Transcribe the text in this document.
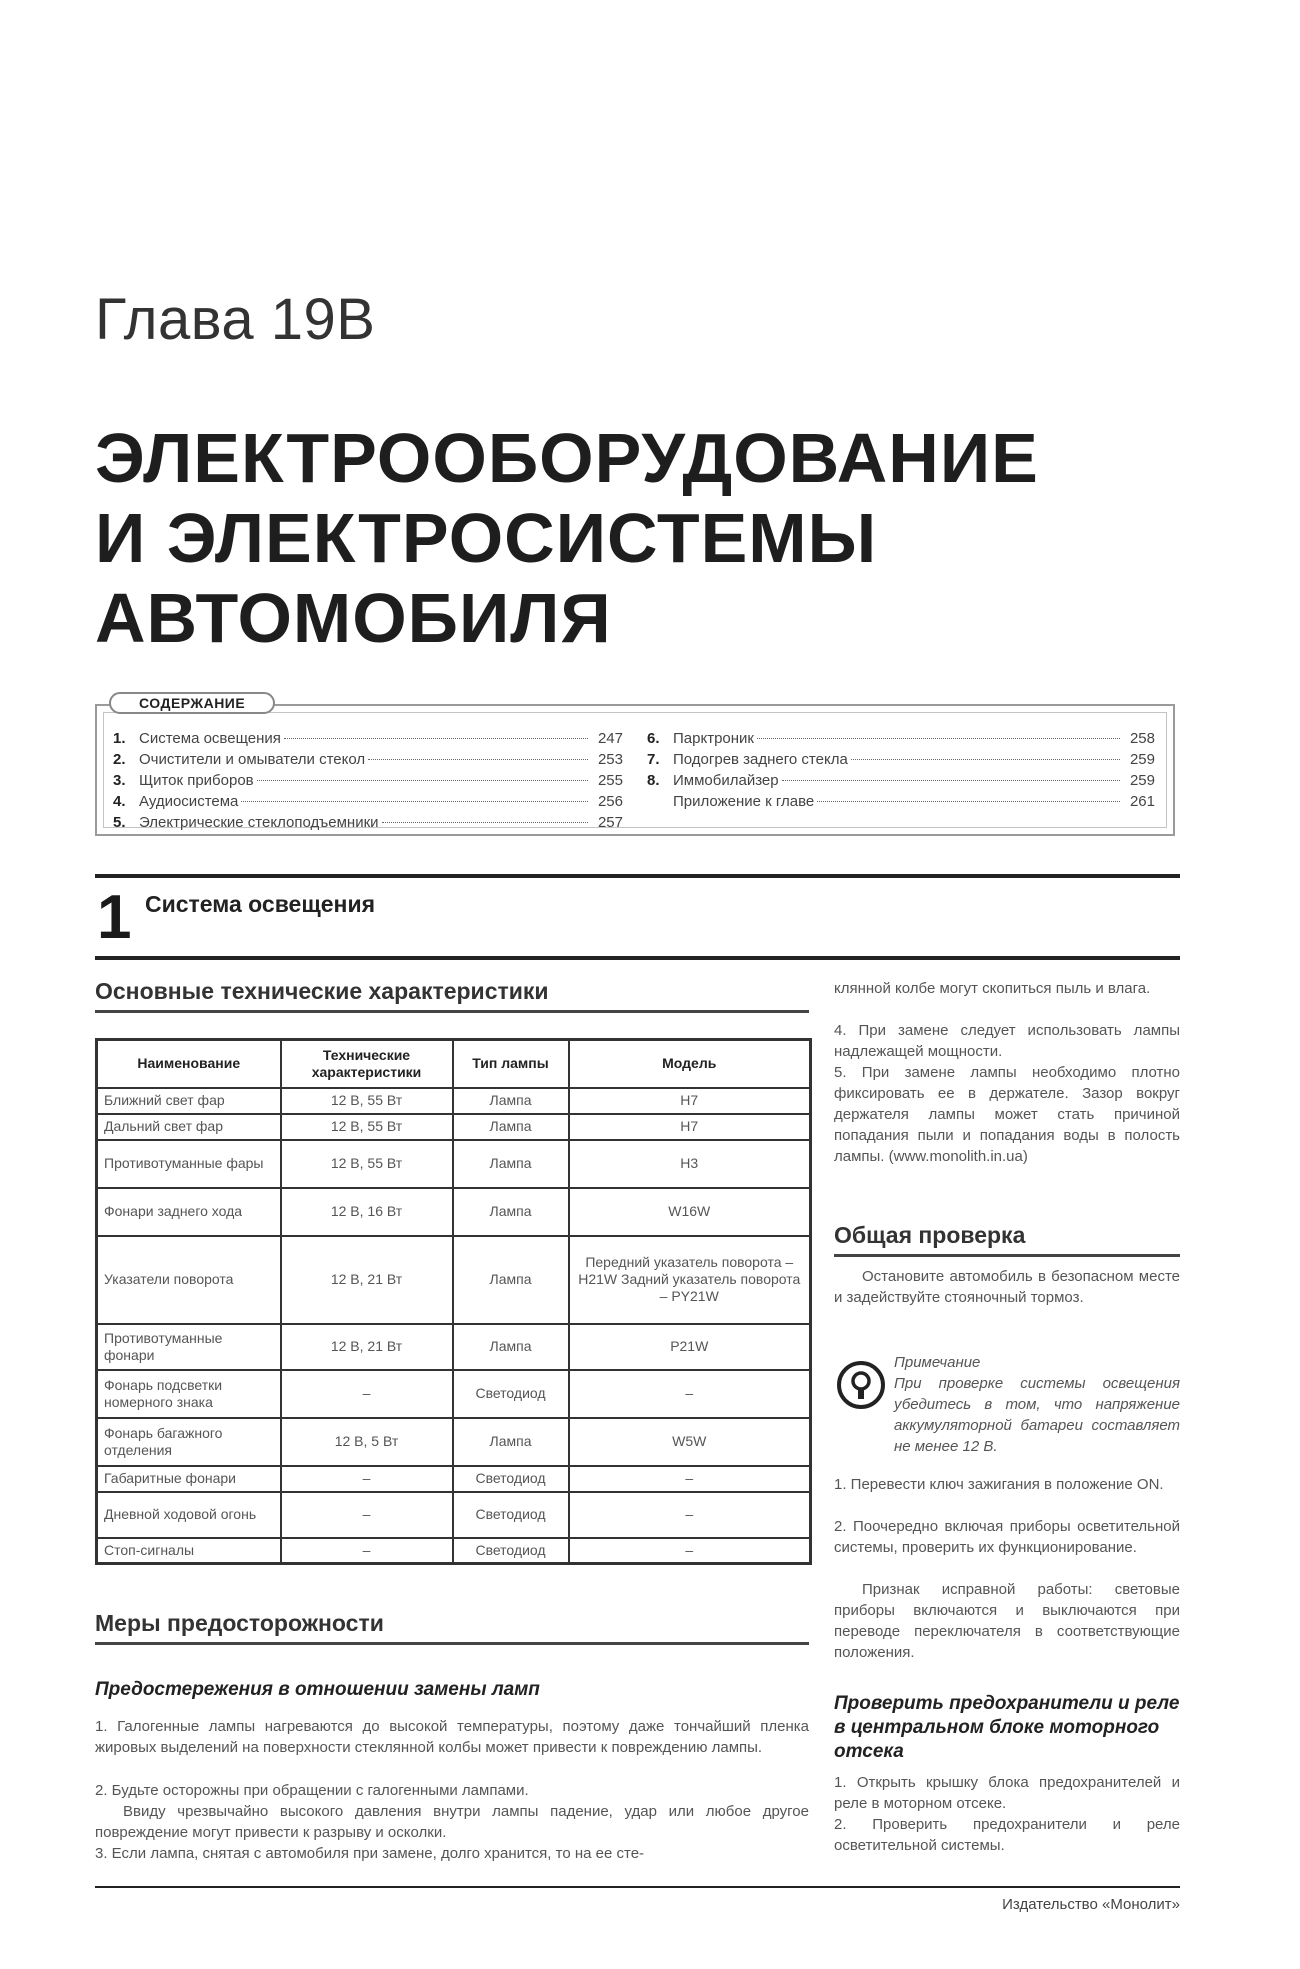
Глава 19В
ЭЛЕКТРООБОРУДОВАНИЕ
И ЭЛЕКТРОСИСТЕМЫ
АВТОМОБИЛЯ
СОДЕРЖАНИЕ
1. Система освещения	247
2. Очистители и омыватели стекол	253
3. Щиток приборов	255
4. Аудиосистема	256
5. Электрические стеклоподъемники	257
6. Парктроник	258
7. Подогрев заднего стекла	259
8. Иммобилайзер	259
Приложение к главе	261
1 Система освещения
Основные технические характеристики
Наименование	Технические характеристики	Тип лампы	Модель
Ближний свет фар	12 В, 55 Вт	Лампа	H7
Дальний свет фар	12 В, 55 Вт	Лампа	H7
Противотуманные фары	12 В, 55 Вт	Лампа	H3
Фонари заднего хода	12 В, 16 Вт	Лампа	W16W
Указатели поворота	12 В, 21 Вт	Лампа	Передний указатель поворота – H21W Задний указатель поворота – PY21W
Противотуманные фонари	12 В, 21 Вт	Лампа	P21W
Фонарь подсветки номерного знака	–	Светодиод	–
Фонарь багажного отделения	12 В, 5 Вт	Лампа	W5W
Габаритные фонари	–	Светодиод	–
Дневной ходовой огонь	–	Светодиод	–
Стоп-сигналы	–	Светодиод	–
Меры предосторожности
Предостережения в отношении замены ламп
1. Галогенные лампы нагреваются до высокой температуры, поэтому даже тончайший пленка жировых выделений на поверхности стеклянной колбы может привести к повреждению лампы.
2. Будьте осторожны при обращении с галогенными лампами.
Ввиду чрезвычайно высокого давления внутри лампы падение, удар или любое другое повреждение могут привести к разрыву и осколки.
3. Если лампа, снятая с автомобиля при замене, долго хранится, то на ее сте-
клянной колбе могут скопиться пыль и влага.
4. При замене следует использовать лампы надлежащей мощности.
5. При замене лампы необходимо плотно фиксировать ее в держателе. Зазор вокруг держателя лампы может стать причиной попадания пыли и попадания воды в полость лампы. (www.monolith.in.ua)
Общая проверка
Остановите автомобиль в безопасном месте и задействуйте стояночный тормоз.
Примечание
При проверке системы освещения убедитесь в том, что напряжение аккумуляторной батареи составляет не менее 12 В.
1. Перевести ключ зажигания в положение ON.
2. Поочередно включая приборы осветительной системы, проверить их функционирование.
Признак исправной работы: световые приборы включаются и выключаются при переводе переключателя в соответствующие положения.
Проверить предохранители и реле в центральном блоке моторного отсека
1. Открыть крышку блока предохранителей и реле в моторном отсеке.
2. Проверить предохранители и реле осветительной системы.
Издательство «Монолит»
